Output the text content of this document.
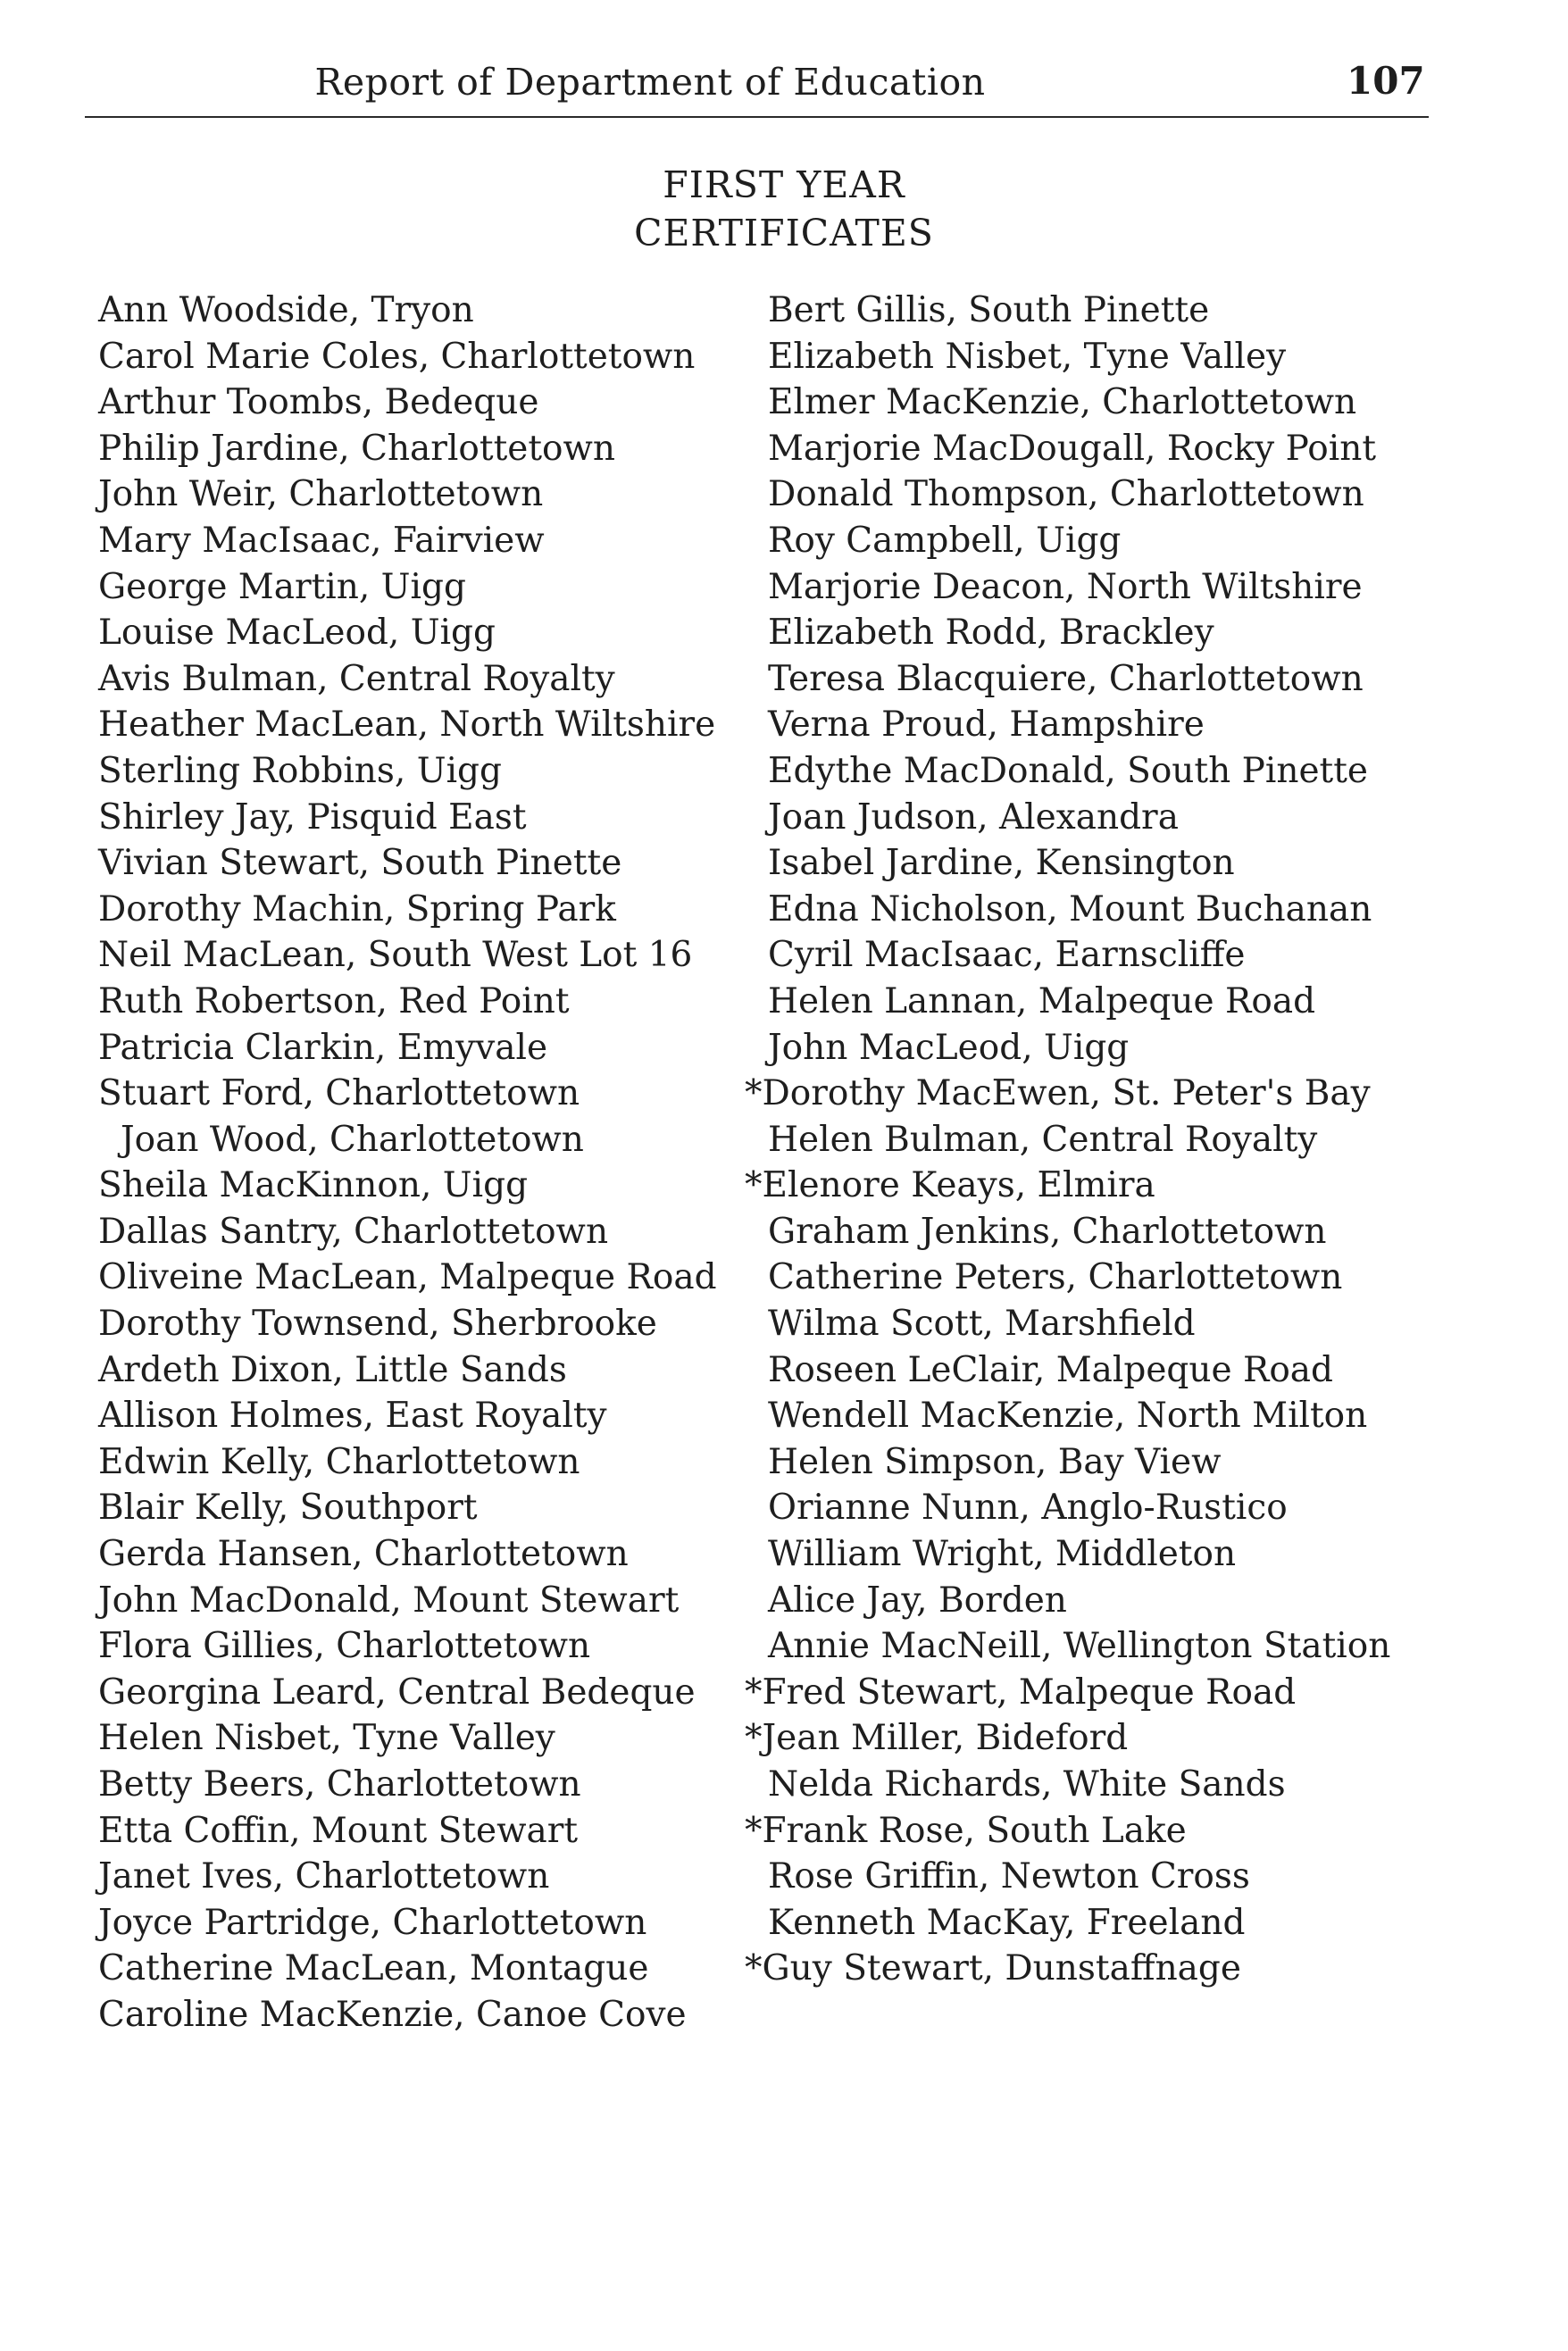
Report of Department of Education	107
FIRST YEAR
CERTIFICATES
Ann Woodside, Tryon
Carol Marie Coles, Charlottetown
Arthur Toombs, Bedeque
Philip Jardine, Charlottetown
John Weir, Charlottetown
Mary MacIsaac, Fairview
George Martin, Uigg
Louise MacLeod, Uigg
Avis Bulman, Central Royalty
Heather MacLean, North Wiltshire
Sterling Robbins, Uigg
Shirley Jay, Pisquid East
Vivian Stewart, South Pinette
Dorothy Machin, Spring Park
Neil MacLean, South West Lot 16
Ruth Robertson, Red Point
Patricia Clarkin, Emyvale
Stuart Ford, Charlottetown
Joan Wood, Charlottetown
Sheila MacKinnon, Uigg
Dallas Santry, Charlottetown
Oliveine MacLean, Malpeque Road
Dorothy Townsend, Sherbrooke
Ardeth Dixon, Little Sands
Allison Holmes, East Royalty
Edwin Kelly, Charlottetown
Blair Kelly, Southport
Gerda Hansen, Charlottetown
John MacDonald, Mount Stewart
Flora Gillies, Charlottetown
Georgina Leard, Central Bedeque
Helen Nisbet, Tyne Valley
Betty Beers, Charlottetown
Etta Coffin, Mount Stewart
Janet Ives, Charlottetown
Joyce Partridge, Charlottetown
Catherine MacLean, Montague
Caroline MacKenzie, Canoe Cove
Bert Gillis, South Pinette
Elizabeth Nisbet, Tyne Valley
Elmer MacKenzie, Charlottetown
Marjorie MacDougall, Rocky Point
Donald Thompson, Charlottetown
Roy Campbell, Uigg
Marjorie Deacon, North Wiltshire
Elizabeth Rodd, Brackley
Teresa Blacquiere, Charlottetown
Verna Proud, Hampshire
Edythe MacDonald, South Pinette
Joan Judson, Alexandra
Isabel Jardine, Kensington
Edna Nicholson, Mount Buchanan
Cyril MacIsaac, Earnscliffe
Helen Lannan, Malpeque Road
John MacLeod, Uigg
*Dorothy MacEwen, St. Peter's Bay
Helen Bulman, Central Royalty
*Elenore Keays, Elmira
Graham Jenkins, Charlottetown
Catherine Peters, Charlottetown
Wilma Scott, Marshfield
Roseen LeClair, Malpeque Road
Wendell MacKenzie, North Milton
Helen Simpson, Bay View
Orianne Nunn, Anglo-Rustico
William Wright, Middleton
Alice Jay, Borden
Annie MacNeill, Wellington Station
*Fred Stewart, Malpeque Road
*Jean Miller, Bideford
Nelda Richards, White Sands
*Frank Rose, South Lake
Rose Griffin, Newton Cross
Kenneth MacKay, Freeland
*Guy Stewart, Dunstaffnage
